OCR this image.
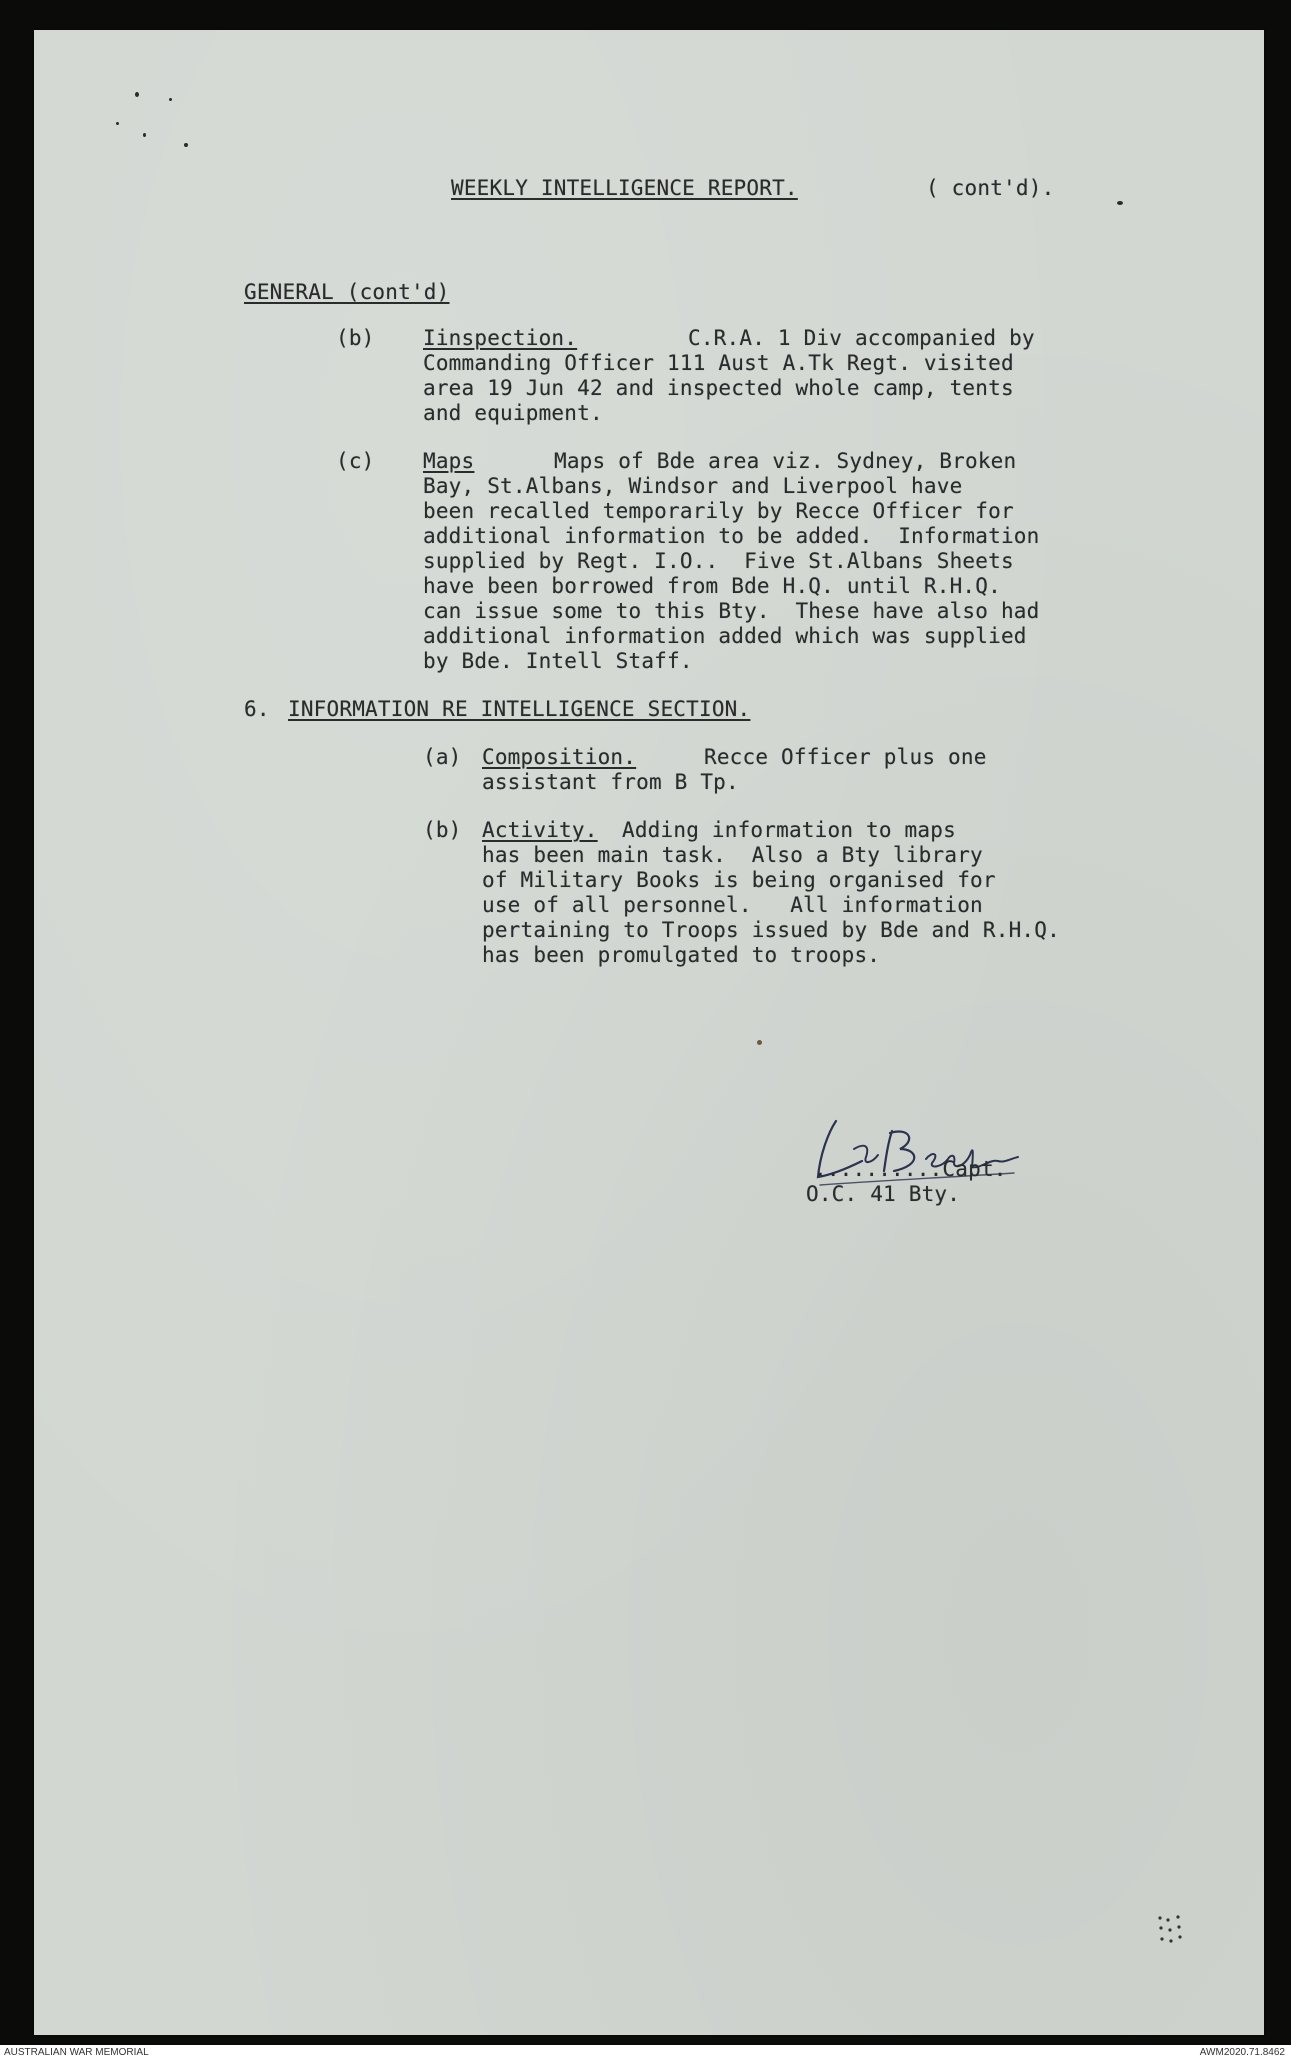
WEEKLY INTELLIGENCE REPORT.	( cont'd).

GENERAL (cont'd)

(b) Iinspection.	C.R.A. 1 Div accompanied by

Commanding Officer 111 Aust A.Tk Regt. visited

area 19 Jun 42 and inspected whole camp, tents

and equipment.

(c) Maps	Maps of Bde area viz. Sydney, Broken

Bay, St.Albans, Windsor and Liverpool have

been recalled temporarily by Recce Officer for

additional information to be added.  Information

supplied by Regt. I.O..  Five St.Albans Sheets

have been borrowed from Bde H.Q. until R.H.Q.

can issue some to this Bty.  These have also had

additional information added which was supplied

by Bde. Intell Staff.

6. INFORMATION RE INTELLIGENCE SECTION.

(a) Composition.	Recce Officer plus one

assistant from B Tp.

(b) Activity. Adding information to maps

has been main task.  Also a Bty library

of Military Books is being organised for

use of all personnel.   All information

pertaining to Troops issued by Bde and R.H.Q.

has been promulgated to troops.

..........Capt.

O.C. 41 Bty.

AUSTRALIAN WAR MEMORIAL	AWM2020.71.8462
